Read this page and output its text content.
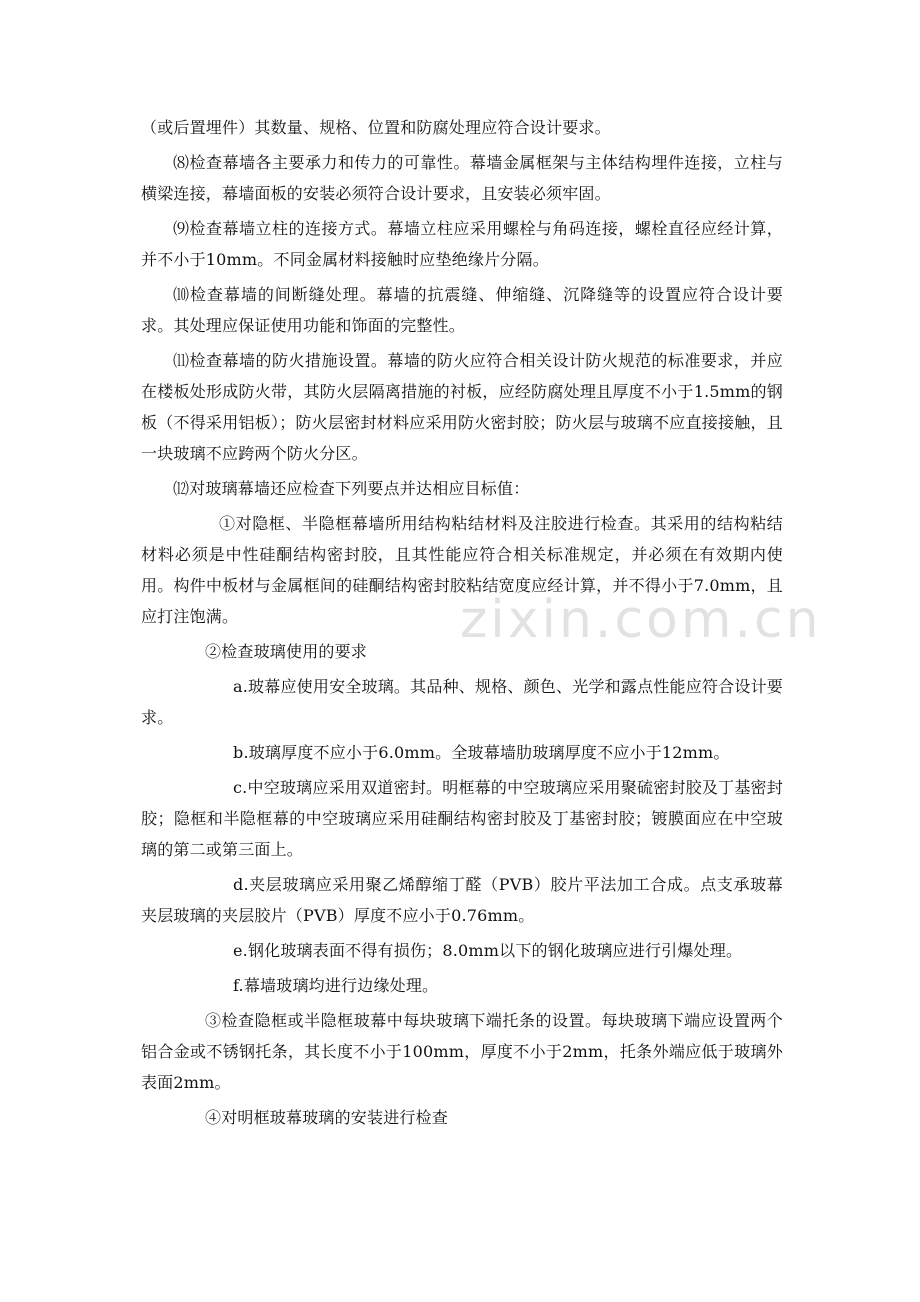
（或后置埋件）其数量、规格、位置和防腐处理应符合设计要求。

⑻检查幕墙各主要承力和传力的可靠性。幕墙金属框架与主体结构埋件连接，立柱与横梁连接，幕墙面板的安装必须符合设计要求，且安装必须牢固。

⑼检查幕墙立柱的连接方式。幕墙立柱应采用螺栓与角码连接，螺栓直径应经计算，并不小于10mm。不同金属材料接触时应垫绝缘片分隔。

⑽检查幕墙的间断缝处理。幕墙的抗震缝、伸缩缝、沉降缝等的设置应符合设计要求。其处理应保证使用功能和饰面的完整性。

⑾检查幕墙的防火措施设置。幕墙的防火应符合相关设计防火规范的标准要求，并应在楼板处形成防火带，其防火层隔离措施的衬板，应经防腐处理且厚度不小于1.5mm的钢板（不得采用铝板）；防火层密封材料应采用防火密封胶；防火层与玻璃不应直接接触，且一块玻璃不应跨两个防火分区。

⑿对玻璃幕墙还应检查下列要点并达相应目标值：

①对隐框、半隐框幕墙所用结构粘结材料及注胶进行检查。其采用的结构粘结材料必须是中性硅酮结构密封胶，且其性能应符合相关标准规定，并必须在有效期内使用。构件中板材与金属框间的硅酮结构密封胶粘结宽度应经计算，并不得小于7.0mm，且应打注饱满。

②检查玻璃使用的要求

a.玻幕应使用安全玻璃。其品种、规格、颜色、光学和露点性能应符合设计要求。

b.玻璃厚度不应小于6.0mm。全玻幕墙肋玻璃厚度不应小于12mm。

c.中空玻璃应采用双道密封。明框幕的中空玻璃应采用聚硫密封胶及丁基密封胶；隐框和半隐框幕的中空玻璃应采用硅酮结构密封胶及丁基密封胶；镀膜面应在中空玻璃的第二或第三面上。

d.夹层玻璃应采用聚乙烯醇缩丁醛（PVB）胶片平法加工合成。点支承玻幕夹层玻璃的夹层胶片（PVB）厚度不应小于0.76mm。

e.钢化玻璃表面不得有损伤；8.0mm以下的钢化玻璃应进行引爆处理。

f.幕墙玻璃均进行边缘处理。

③检查隐框或半隐框玻幕中每块玻璃下端托条的设置。每块玻璃下端应设置两个铝合金或不锈钢托条，其长度不小于100mm，厚度不小于2mm，托条外端应低于玻璃外表面2mm。

④对明框玻幕玻璃的安装进行检查

zixin.com.cn
